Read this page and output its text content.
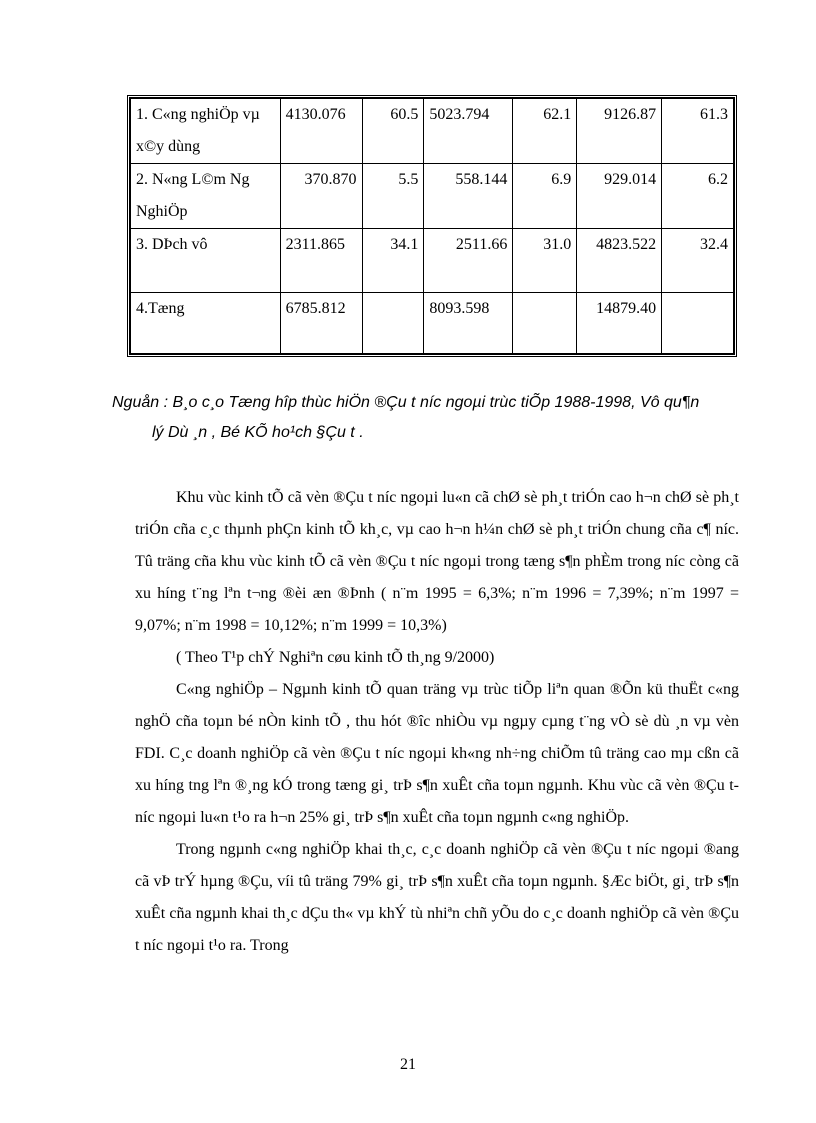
1. C«ng nghiÖp vµ x©y dùng	4130.076	60.5	5023.794	62.1	9126.87	61.3
2. N«ng L©m Ng NghiÖp	370.870	5.5	558.144	6.9	929.014	6.2
3. DÞch vô	2311.865	34.1	2511.66	31.0	4823.522	32.4
4.Tæng	6785.812		8093.598		14879.40	
Nguån : B¸o c¸o Tæng hîp thùc hiÖn ®Çu t níc ngoµi trùc tiÕp 1988-1998, Vô qu¶n
lý Dù ¸n , Bé KÕ ho¹ch §Çu t .

Khu vùc kinh tÕ cã vèn ®Çu t níc ngoµi lu«n cã chØ sè ph¸t triÓn cao h¬n chØ sè ph¸t triÓn cña c¸c thµnh phÇn kinh tÕ kh¸c, vµ cao h¬n h¼n chØ sè ph¸t triÓn chung cña c¶ níc. Tû träng cña khu vùc kinh tÕ cã vèn ®Çu t níc ngoµi trong tæng s¶n phÈm trong níc còng cã xu híng t¨ng lªn t¬ng ®èi æn ®Þnh ( n¨m 1995 = 6,3%; n¨m 1996 = 7,39%; n¨m 1997 = 9,07%; n¨m 1998 = 10,12%; n¨m 1999 = 10,3%)

( Theo T¹p chÝ Nghiªn cøu kinh tÕ th¸ng 9/2000)

C«ng nghiÖp – Ngµnh kinh tÕ quan träng vµ trùc tiÕp liªn quan ®Õn kü thuËt c«ng nghÖ cña toµn bé nÒn kinh tÕ , thu hót ®îc nhiÒu vµ ngµy cµng t¨ng vÒ sè dù ¸n vµ vèn FDI. C¸c doanh nghiÖp cã vèn ®Çu t níc ngoµi kh«ng nh÷ng chiÕm tû träng cao mµ cßn cã xu híng tng lªn ®¸ng kÓ trong tæng gi¸ trÞ s¶n xuÊt cña toµn ngµnh. Khu vùc cã vèn ®Çu t níc ngoµi lu«n t¹o ra h¬n 25% gi¸ trÞ s¶n xuÊt cña toµn ngµnh c«ng nghiÖp.

Trong ngµnh c«ng nghiÖp khai th¸c, c¸c doanh nghiÖp cã vèn ®Çu t níc ngoµi ®ang cã vÞ trÝ hµng ®Çu, víi tû träng 79% gi¸ trÞ s¶n xuÊt cña toµn ngµnh. §Æc biÖt, gi¸ trÞ s¶n xuÊt cña ngµnh khai th¸c dÇu th« vµ khÝ tù nhiªn chñ yÕu do c¸c doanh nghiÖp cã vèn ®Çu t níc ngoµi t¹o ra. Trong

21
